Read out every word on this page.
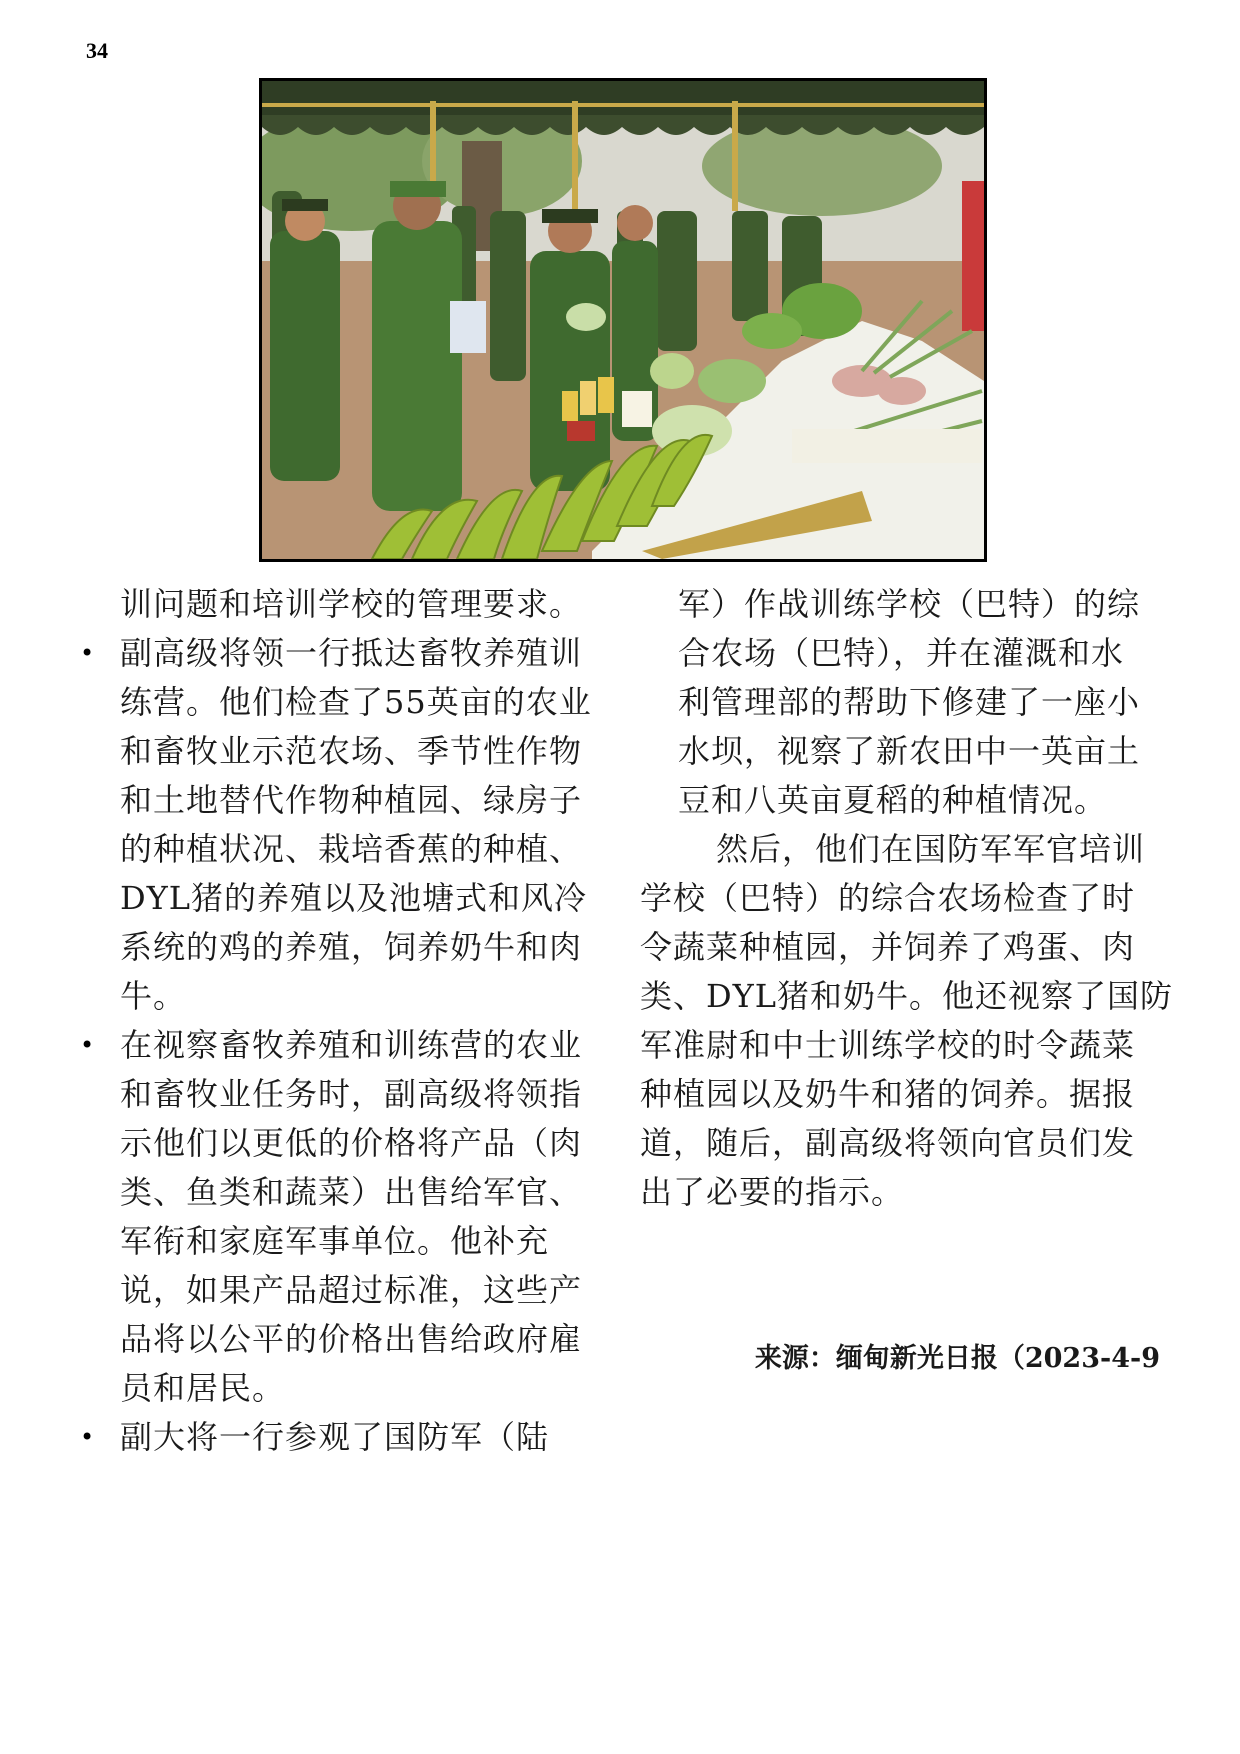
34
训问题和培训学校的管理要求。
• 副高级将领一行抵达畜牧养殖训
练营。他们检查了55英亩的农业
和畜牧业示范农场、季节性作物
和土地替代作物种植园、绿房子
的种植状况、栽培香蕉的种植、
DYL猪的养殖以及池塘式和风冷
系统的鸡的养殖，饲养奶牛和肉
牛。
• 在视察畜牧养殖和训练营的农业
和畜牧业任务时，副高级将领指
示他们以更低的价格将产品（肉
类、鱼类和蔬菜）出售给军官、
军衔和家庭军事单位。他补充
说，如果产品超过标准，这些产
品将以公平的价格出售给政府雇
员和居民。
• 副大将一行参观了国防军（陆
军）作战训练学校（巴特）的综
合农场（巴特），并在灌溉和水
利管理部的帮助下修建了一座小
水坝，视察了新农田中一英亩土
豆和八英亩夏稻的种植情况。
然后，他们在国防军军官培训
学校（巴特）的综合农场检查了时
令蔬菜种植园，并饲养了鸡蛋、肉
类、DYL猪和奶牛。他还视察了国防
军准尉和中士训练学校的时令蔬菜
种植园以及奶牛和猪的饲养。据报
道，随后，副高级将领向官员们发
出了必要的指示。
来源：缅甸新光日报（2023-4-9
